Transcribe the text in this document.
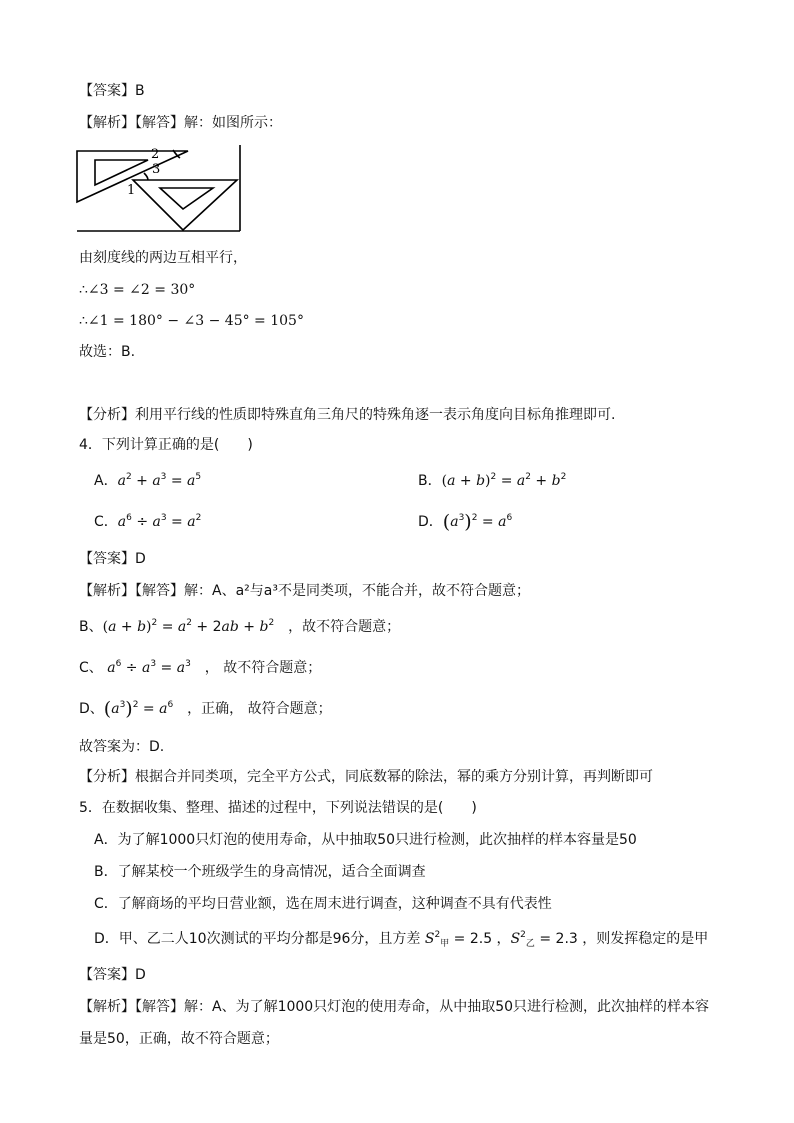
【答案】B
【解析】【解答】解：如图所示：
2
3
1
由刻度线的两边互相平行，
∴∠3 = ∠2 = 30°
∴∠1 = 180° − ∠3 − 45° = 105°
故选：B.
【分析】利用平行线的性质即特殊直角三角尺的特殊角逐一表示角度向目标角推理即可.
4．下列计算正确的是(　　)
A．$a^2 + a^3 = a^5$	B．$(a + b)^2 = a^2 + b^2$
C．$a^6 \div a^3 = a^2$	D．$(a^3)^2 = a^6$
【答案】D
【解析】【解答】解：A、a²与a³不是同类项，不能合并，故不符合题意；
B、$(a + b)^2 = a^2 + 2ab + b^2$　，故不符合题意；
C、 $a^6 \div a^3 = a^3$　， 故不符合题意；
D、$(a^3)^2 = a^6$　，正确， 故符合题意；
故答案为：D.
【分析】根据合并同类项，完全平方公式，同底数幂的除法，幂的乘方分别计算，再判断即可
5．在数据收集、整理、描述的过程中，下列说法错误的是(　　)
A．为了解1000只灯泡的使用寿命，从中抽取50只进行检测，此次抽样的样本容量是50
B．了解某校一个班级学生的身高情况，适合全面调查
C．了解商场的平均日营业额，选在周末进行调查，这种调查不具有代表性
D．甲、乙二人10次测试的平均分都是96分，且方差 $S^2_甲 = 2.5$ ，$S^2_乙 = 2.3$ ，则发挥稳定的是甲
【答案】D
【解析】【解答】解：A、为了解1000只灯泡的使用寿命，从中抽取50只进行检测，此次抽样的样本容
量是50，正确，故不符合题意；
